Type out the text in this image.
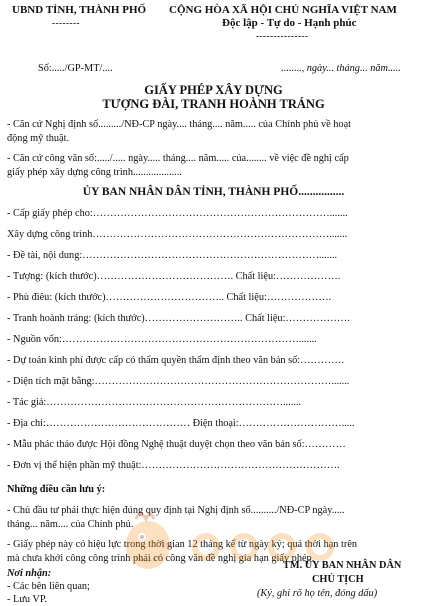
UBND TỈNH, THÀNH PHỐ
--------
CỘNG HÒA XÃ HỘI CHỦ NGHĨA VIỆT NAM
Độc lập - Tự do - Hạnh phúc
---------------
Số:...../GP-MT/....	........, ngày... tháng... năm.....
GIẤY PHÉP XÂY DỰNG
TƯỢNG ĐÀI, TRANH HOÀNH TRÁNG
- Căn cứ Nghị định số........./NĐ-CP ngày.... tháng.... năm..... của Chính phủ về hoạt
động mỹ thuật.
- Căn cứ công văn số:...../..... ngày..... tháng.... năm..... của........ về việc đề nghị cấp
giấy phép xây dựng công trình...................
ỦY BAN NHÂN DÂN TỈNH, THÀNH PHỐ................
- Cấp giấy phép cho:…………………………………………………………….......
Xây dựng công trình…………………………………………………………….......
- Đề tài, nội dung:…………………………………………………………….......
- Tượng: (kích thước)…………………………………. Chất liệu:……………….
- Phù điêu: (kích thước)…………………………….. Chất liệu:……………….
- Tranh hoành tráng: (kích thước)……………………….. Chất liệu:……………….
- Nguồn vốn:…………………………………………………………….......
- Dự toán kinh phí được cấp có thẩm quyền thẩm định theo văn bản số:………….
- Diện tích mặt bằng:…………………………………………………………….......
- Tác giả:…………………………………………………………….......
- Địa chỉ:…………………………………… Điện thoại:………………………….....
- Mẫu phác thảo được Hội đồng Nghệ thuật duyệt chọn theo văn bản số:…………
- Đơn vị thể hiện phần mỹ thuật:………………………………………………….
Những điều cần lưu ý:
- Chủ đầu tư phải thực hiện đúng quy định tại Nghị định số........../NĐ-CP ngày.....
tháng... năm.... của Chính phủ.
- Giấy phép này có hiệu lực trong thời gian 12 tháng kể từ ngày ký; quá thời hạn trên
mà chưa khởi công công trình phải có công văn đề nghị gia hạn giấy phép.
Nơi nhận:
- Các bên liên quan;
- Lưu VP.
TM. ỦY BAN NHÂN DÂN
CHỦ TỊCH
(Ký, ghi rõ họ tên, đóng dấu)
